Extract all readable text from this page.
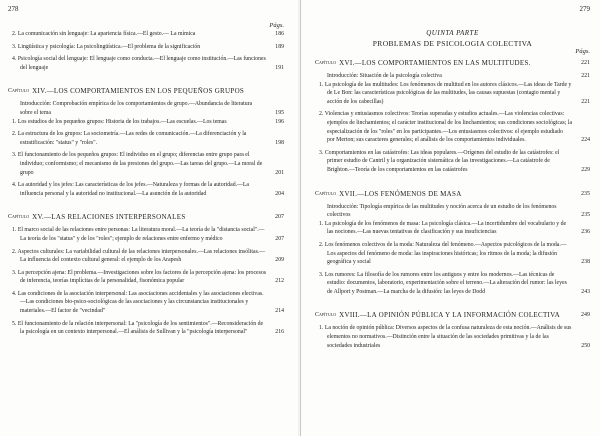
278
Págs.
2. La comunicación sin lenguaje: La apariencia física.—El gesto.— La mímica	186
3. Lingüística y psicología: La psicolingüística.—El problema de la significación	189
4. Psicología social del lenguaje: El lenguaje como conducta.—El lenguaje como institución.—Las funciones del lenguaje	191
Capítulo XIV.—LOS COMPORTAMIENTOS EN LOS PEQUEÑOS GRUPOS
Introducción: Comprobación empírica de los comportamientos de grupo.—Abundancia de literatura sobre el tema	195
1. Los estudios de los pequeños grupos: Historia de los trabajos.—Las escuelas.—Los temas	196
2. La estructura de los grupos: La sociometría.—Las redes de comunicación.—La diferenciación y la estratificación: "status" y "roles".	198
3. El funcionamiento de los pequeños grupos: El individuo en el grupo; diferencias entre grupo para el individuo; conformismo; el mecanismo de las presiones del grupo.—Las tareas del grupo.—La moral de grupo	201
4. La autoridad y los jefes: Las características de los jefes.—Naturaleza y formas de la autoridad.—La influencia personal y la autoridad no institucional.—La asunción de la autoridad	204
Capítulo XV.—LAS RELACIONES INTERPERSONALES	207
1. El marco social de las relaciones entre personas: La literatura moral.—La teoría de la "distancia social".—La teoría de los "status" y de los "roles"; ejemplo de relaciones entre enfermo y médico	207
2. Aspectos culturales: La variabilidad cultural de las relaciones interpersonales.—Las relaciones insólitas.—La influencia del contexto cultural general: el ejemplo de los Arapesh	209
3. La percepción ajena: El problema.—Investigaciones sobre los factores de la percepción ajena: los procesos de inferencia, teorías implícitas de la personalidad, fisonómica popular	212
4. Las condiciones de la asociación interpersonal: Las asociaciones accidentales y las asociaciones electivas.—Las condiciones bio-psico-sociológicas de las asociaciones y las circunstancias institucionales y materiales.—El factor de "vecindad"	214
5. El funcionamiento de la relación interpersonal: La "psicología de los sentimientos".—Reconsideración de la psicología en un contexto interpersonal.—El análisis de Sullivan y la "psicología interpersonal"	216
279
QUINTA PARTE
PROBLEMAS DE PSICOLOGIA COLECTIVA
Págs.
Capítulo XVI.—LOS COMPORTAMIENTOS EN LAS MULTITUDES.	221
Introducción: Situación de la psicología colectiva	221
1. La psicología de las multitudes: Los fenómenos de multitud en los autores clásicos.—Las ideas de Tarde y de Le Bon: las características psicológicas de las multitudes, las causas supuestas (contagio mental y acción de los cabecillas)	221
2. Violencias y entusiasmos colectivos: Teorías superadas y estudios actuales.—Las violencias colectivas: ejemplos de linchamientos; el carácter institucional de los linchamientos; sus condiciones sociológicas; la especialización de los "roles" en los participantes.—Los entusiasmos colectivos: el ejemplo estudiado por Merton; sus caracteres generales; el análisis de los comportamientos individuales.	224
3. Comportamientos en las catástrofes: Las ideas populares.—Orígenes del estudio de las catástrofes: el primer estudio de Cantril y la organización sistemática de las investigaciones.—La catástrofe de Brighton.—Teoría de los comportamientos en las catástrofes	229
Capítulo XVII.—LOS FENÓMENOS DE MASA	235
Introducción: Tipología empírica de las multitudes y noción acerca de un estudio de los fenómenos colectivos	235
1. La psicología de los fenómenos de masa: La psicología clásica.—La incertidumbre del vocabulario y de las nociones.—Las nuevas tentativas de clasificación y sus insuficiencias	236
2. Los fenómenos colectivos de la moda: Naturaleza del fenómeno.—Aspectos psicológicos de la moda.—Los aspectos del fenómeno de moda: las inspiraciones históricas; los ritmos de la moda; la difusión geográfica y social	238
3. Los rumores: La filosofía de los rumores entre los antiguos y entre los modernos.—Las técnicas de estudio: documentos, laboratorio, experimentación sobre el terreno.—La alteración del rumor: las leyes de Allport y Postman.—La marcha de la difusión: las leyes de Dodd	243
Capítulo XVIII.—LA OPINIÓN PÚBLICA Y LA INFORMACIÓN COLECTIVA	249
1. La noción de opinión pública: Diversos aspectos de la confusa naturaleza de esta noción.—Análisis de sus elementos no normativos.—Distinción entre la situación de las sociedades primitivas y la de las sociedades industriales	250
